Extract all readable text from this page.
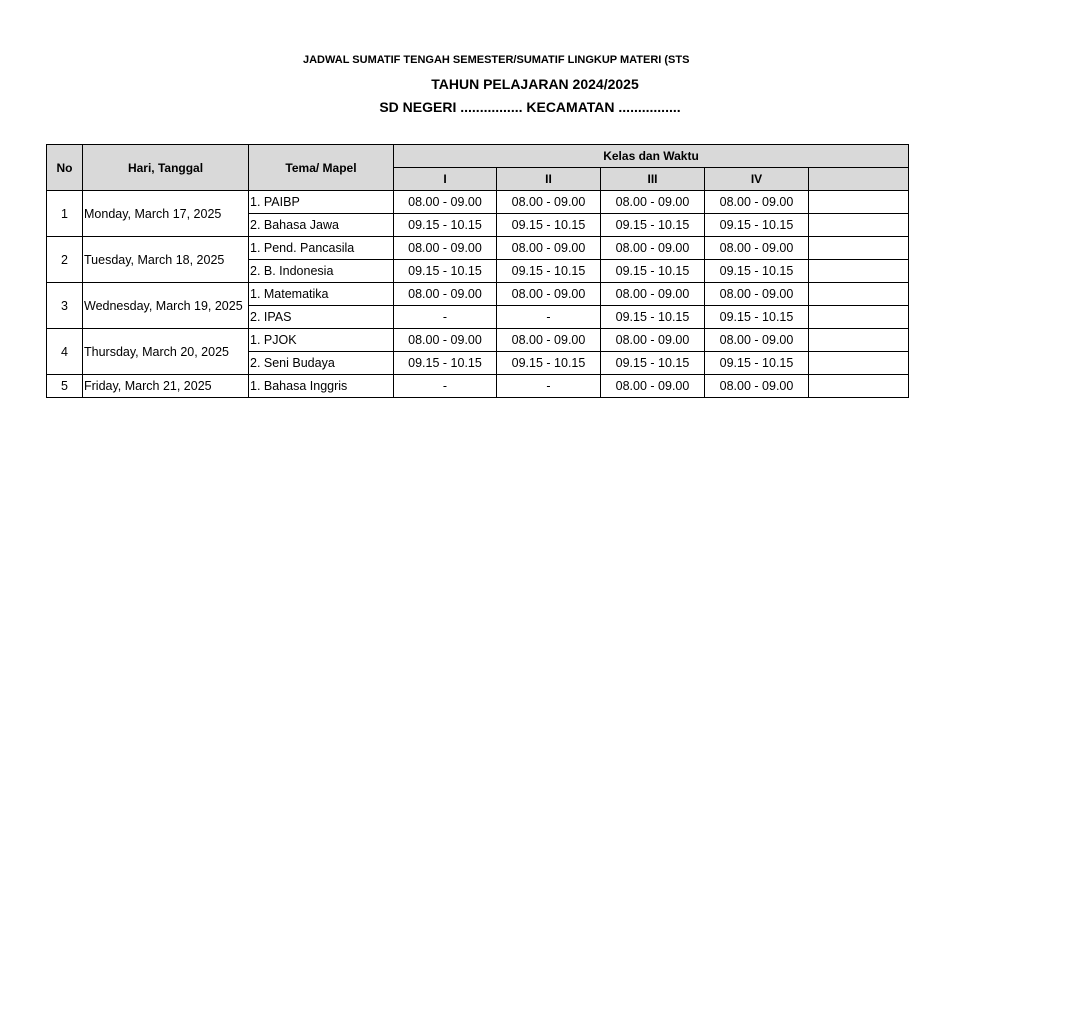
JADWAL SUMATIF TENGAH SEMESTER/SUMATIF LINGKUP MATERI (STS
TAHUN PELAJARAN 2024/2025
SD NEGERI ................ KECAMATAN ................
No	Hari, Tanggal	Tema/ Mapel	Kelas dan Waktu				
			I	II	III	IV	
1	Monday, March 17, 2025	1. PAIBP	08.00 - 09.00	08.00 - 09.00	08.00 - 09.00	08.00 - 09.00	
		2. Bahasa Jawa	09.15 - 10.15	09.15 - 10.15	09.15 - 10.15	09.15 - 10.15	
2	Tuesday, March 18, 2025	1. Pend. Pancasila	08.00 - 09.00	08.00 - 09.00	08.00 - 09.00	08.00 - 09.00	
		2. B. Indonesia	09.15 - 10.15	09.15 - 10.15	09.15 - 10.15	09.15 - 10.15	
3	Wednesday, March 19, 2025	1. Matematika	08.00 - 09.00	08.00 - 09.00	08.00 - 09.00	08.00 - 09.00	
		2. IPAS	-	-	09.15 - 10.15	09.15 - 10.15	
4	Thursday, March 20, 2025	1. PJOK	08.00 - 09.00	08.00 - 09.00	08.00 - 09.00	08.00 - 09.00	
		2. Seni Budaya	09.15 - 10.15	09.15 - 10.15	09.15 - 10.15	09.15 - 10.15	
5	Friday, March 21, 2025	1. Bahasa Inggris	-	-	08.00 - 09.00	08.00 - 09.00	
